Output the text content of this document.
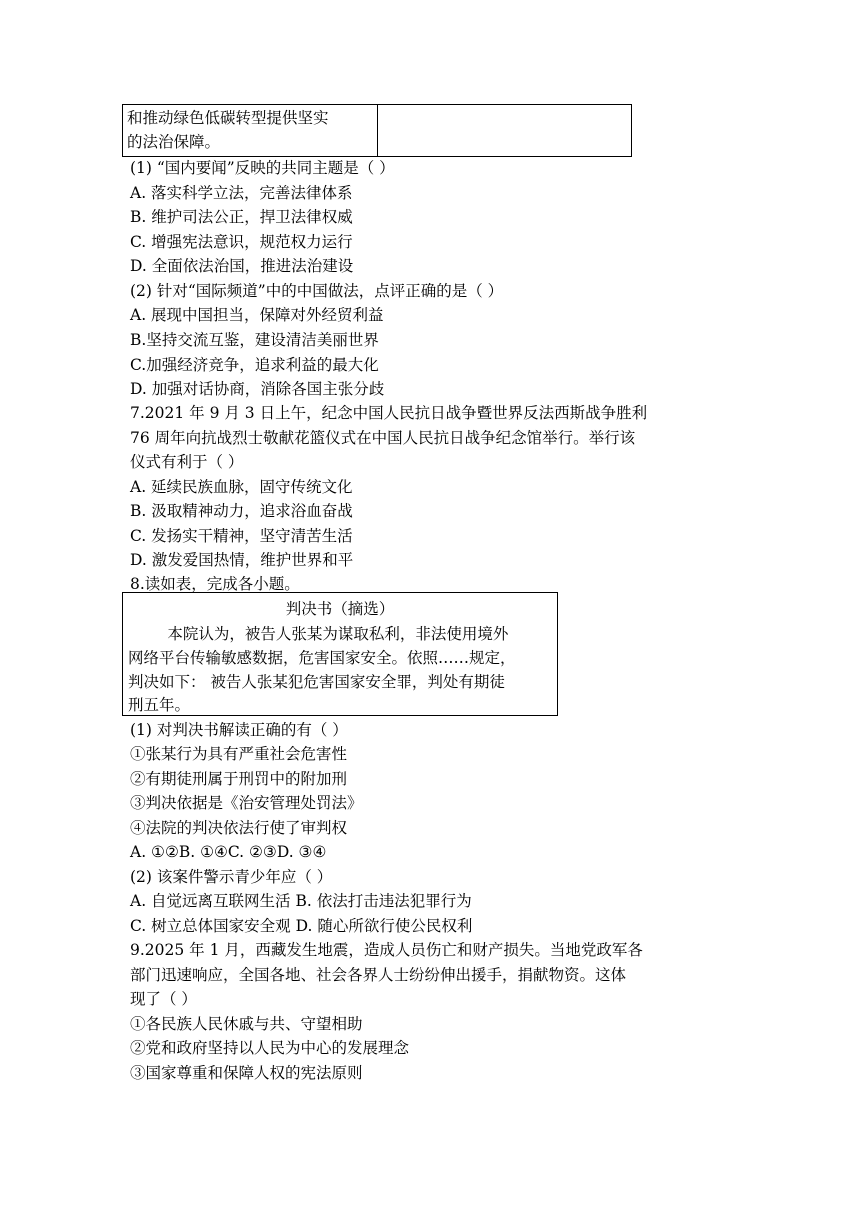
和推动绿色低碳转型提供坚实
的法治保障。

(1) “国内要闻”反映的共同主题是（ ）
A. 落实科学立法，完善法律体系
B. 维护司法公正，捍卫法律权威
C. 增强宪法意识，规范权力运行
D. 全面依法治国，推进法治建设
(2) 针对“国际频道”中的中国做法，点评正确的是（ ）
A. 展现中国担当，保障对外经贸利益
B.坚持交流互鉴，建设清洁美丽世界
C.加强经济竞争，追求利益的最大化
D. 加强对话协商，消除各国主张分歧
7.2021 年 9 月 3 日上午，纪念中国人民抗日战争暨世界反法西斯战争胜利
76 周年向抗战烈士敬献花篮仪式在中国人民抗日战争纪念馆举行。举行该
仪式有利于（ ）
A. 延续民族血脉，固守传统文化
B. 汲取精神动力，追求浴血奋战
C. 发扬实干精神，坚守清苦生活
D. 激发爱国热情，维护世界和平
8.读如表，完成各小题。
判决书（摘选）
本院认为，被告人张某为谋取私利，非法使用境外
网络平台传输敏感数据，危害国家安全。依照……规定，
判决如下： 被告人张某犯危害国家安全罪，判处有期徒
刑五年。
(1) 对判决书解读正确的有（ ）
①张某行为具有严重社会危害性
②有期徒刑属于刑罚中的附加刑
③判决依据是《治安管理处罚法》
④法院的判决依法行使了审判权
A. ①②B. ①④C. ②③D. ③④
(2) 该案件警示青少年应（ ）
A. 自觉远离互联网生活 B. 依法打击违法犯罪行为
C. 树立总体国家安全观 D. 随心所欲行使公民权利
9.2025 年 1 月，西藏发生地震，造成人员伤亡和财产损失。当地党政军各
部门迅速响应，全国各地、社会各界人士纷纷伸出援手，捐献物资。这体
现了（ ）
①各民族人民休戚与共、守望相助
②党和政府坚持以人民为中心的发展理念
③国家尊重和保障人权的宪法原则
